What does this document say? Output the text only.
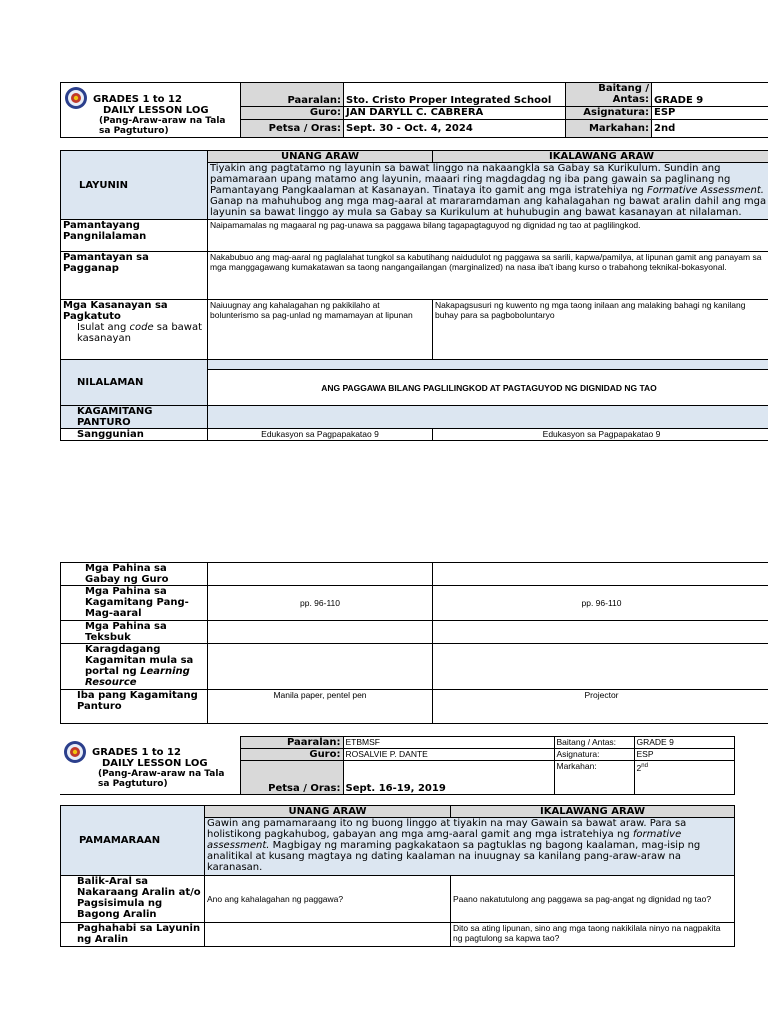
GRADES 1 to 12
DAILY LESSON LOG
(Pang-Araw-araw na Tala sa Pagtuturo)	Paaralan:	Sto. Cristo Proper Integrated School	Baitang / Antas:	GRADE 9
	Guro:	JAN DARYLL C. CABRERA	Asignatura:	ESP
	Petsa / Oras:	Sept. 30 - Oct. 4, 2024	Markahan:	2nd
LAYUNIN	UNANG ARAW	IKALAWANG ARAW
	Tiyakin ang pagtatamo ng layunin sa bawat linggo na nakaangkla sa Gabay sa Kurikulum. Sundin ang pamamaraan upang matamo ang layunin, maaari ring magdagdag ng iba pang gawain sa paglinang ng Pamantayang Pangkaalaman at Kasanayan. Tinataya ito gamit ang mga istratehiya ng Formative Assessment. Ganap na mahuhubog ang mga mag-aaral at mararamdaman ang kahalagahan ng bawat aralin dahil ang mga layunin sa bawat linggo ay mula sa Gabay sa Kurikulum at huhubugin ang bawat kasanayan at nilalaman.	
Pamantayang Pangnilalaman	Naipamamalas ng magaaral ng pag-unawa sa paggawa bilang tagapagtaguyod ng dignidad ng tao at paglilingkod.	
Pamantayan sa Pagganap	Nakabubuo ang mag-aaral ng paglalahat tungkol sa kabutihang naidudulot ng paggawa sa sarili, kapwa/pamilya, at lipunan gamit ang panayam sa mga manggagawang kumakatawan sa taong nangangailangan (marginalized) na nasa iba't ibang kurso o trabahong teknikal-bokasyonal.	

Mga Kasanayan sa Pagkatuto
Isulat ang code sa bawat kasanayan	Naiuugnay ang kahalagahan ng pakikilaho at bolunterismo sa pag-unlad ng mamamayan at lipunan	Nakapagsusuri ng kuwento ng mga taong inilaan ang malaking bahagi ng kanilang buhay para sa pagboboluntaryo
NILALAMAN		
	ANG PAGGAWA BILANG PAGLILINGKOD AT PAGTAGUYOD NG DIGNIDAD NG TAO	
KAGAMITANG PANTURO		
Sanggunian	Edukasyon sa Pagpapakatao 9	Edukasyon sa Pagpapakatao 9
Mga Pahina sa Gabay ng Guro		
Mga Pahina sa Kagamitang Pang-Mag-aaral	pp. 96-110	pp. 96-110
Mga Pahina sa Teksbuk		
Karagdagang Kagamitan mula sa portal ng Learning Resource		
Iba pang Kagamitang Panturo	Manila paper, pentel pen	Projector
GRADES 1 to 12
DAILY LESSON LOG
(Pang-Araw-araw na Tala sa Pagtuturo)	Paaralan:	ETBMSF	Baitang / Antas:	GRADE 9
	Guro:	ROSALVIE P. DANTE	Asignatura:	ESP
	Petsa / Oras:	Sept. 16-19, 2019	Markahan:	2nd
PAMAMARAAN	UNANG ARAW	IKALAWANG ARAW
	Gawin ang pamamaraang ito ng buong linggo at tiyakin na may Gawain sa bawat araw. Para sa holistikong pagkahubog, gabayan ang mga amg-aaral gamit ang mga istratehiya ng formative assessment. Magbigay ng maraming pagkakataon sa pagtuklas ng bagong kaalaman, mag-isip ng analitikal at kusang magtaya ng dating kaalaman na inuugnay sa kanilang pang-araw-araw na karanasan.	
Balik-Aral sa Nakaraang Aralin at/o Pagsisimula ng Bagong Aralin	Ano ang kahalagahan ng paggawa?	Paano nakatutulong ang paggawa sa pag-angat ng dignidad ng tao?
Paghahabi sa Layunin ng Aralin		Dito sa ating lipunan, sino ang mga taong nakikilala ninyo na nagpakita ng pagtulong sa kapwa tao?
